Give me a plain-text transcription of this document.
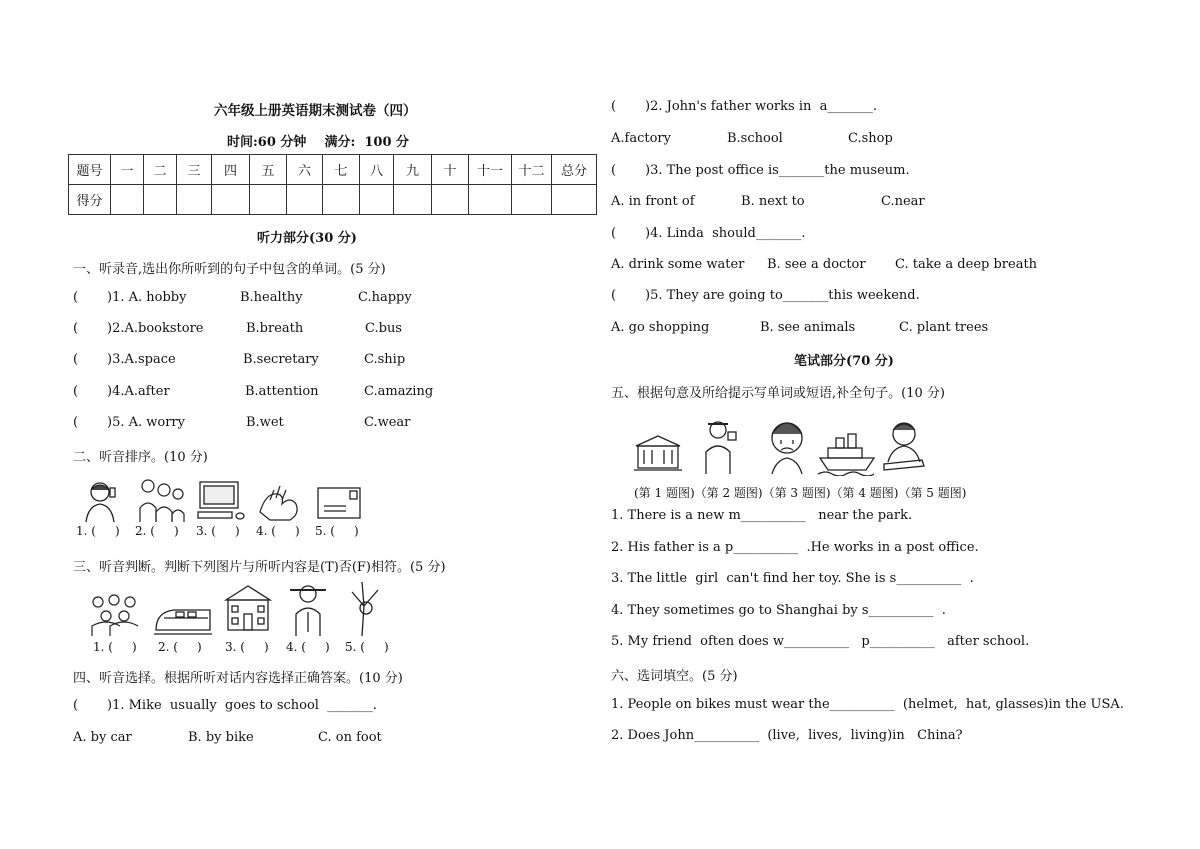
六年级上册英语期末测试卷（四）
时间:60 分钟    满分:  100 分
题号	一	二	三	四	五	六	七	八	九	十	十一	十二	总分
得分													
听力部分(30 分)
一、听录音,选出你所听到的句子中包含的单词。(5 分)
(       )1. A. hobby	B.healthy	C.happy
(       )2.A.bookstore	B.breath	C.bus
(       )3.A.space	B.secretary	C.ship
(       )4.A.after	B.attention	C.amazing
(       )5. A. worry	B.wet	C.wear
二、听音排序。(10 分)
1. (     ) 2. (     ) 3. (     ) 4. (     ) 5. (     )
三、听音判断。判断下列图片与所听内容是(T)否(F)相符。(5 分)
1. (     ) 2. (     ) 3. (     ) 4. (     ) 5. (     )
四、听音选择。根据所听对话内容选择正确答案。(10 分)
(       )1. Mike  usually  goes to school  _______.
A. by car	B. by bike	C. on foot
(       )2. John's father works in  a_______.
A.factory	B.school	C.shop
(       )3. The post office is_______the museum.
A. in front of	B. next to	C.near
(       )4. Linda  should_______.
A. drink some water B. see a doctor C. take a deep breath
(       )5. They are going to_______this weekend.
A. go shopping	B. see animals	C. plant trees
笔试部分(70 分)
五、根据句意及所给提示写单词或短语,补全句子。(10 分)
(第 1 题图)（第 2 题图)（第 3 题图)（第 4 题图)（第 5 题图)
1. There is a new m__________   near the park.
2. His father is a p__________  .He works in a post office.
3. The little  girl  can't find her toy. She is s__________  .
4. They sometimes go to Shanghai by s__________  .
5. My friend  often does w__________   p__________   after school.
六、选词填空。(5 分)
1. People on bikes must wear the__________  (helmet,  hat, glasses)in the USA.
2. Does John__________  (live,  lives,  living)in   China?
